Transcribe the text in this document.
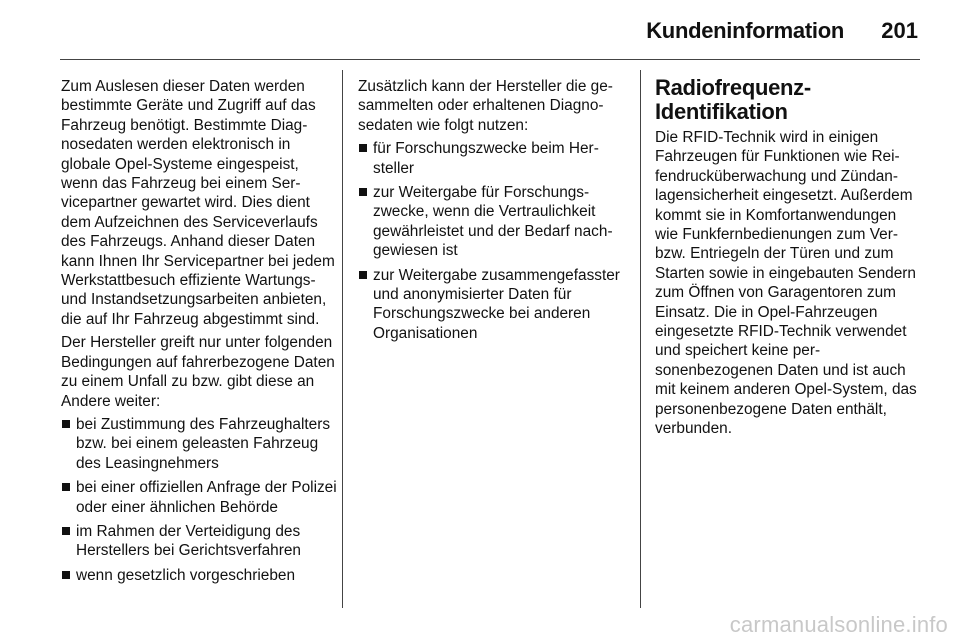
Kundeninformation 201

Zum Auslesen dieser Daten werden bestimmte Geräte und Zugriff auf das Fahrzeug benötigt. Bestimmte Diagnosedaten werden elektronisch in globale Opel-Systeme eingespeist, wenn das Fahrzeug bei einem Servicepartner gewartet wird. Dies dient dem Aufzeichnen des Serviceverlaufs des Fahrzeugs. Anhand dieser Daten kann Ihnen Ihr Servicepartner bei jedem Werkstattbesuch effiziente Wartungs- und Instandsetzungsarbeiten anbieten, die auf Ihr Fahrzeug abgestimmt sind.

Der Hersteller greift nur unter folgenden Bedingungen auf fahrerbezogene Daten zu einem Unfall zu bzw. gibt diese an Andere weiter:

bei Zustimmung des Fahrzeughalters bzw. bei einem geleasten Fahrzeug des Leasingnehmers
bei einer offiziellen Anfrage der Polizei oder einer ähnlichen Behörde
im Rahmen der Verteidigung des Herstellers bei Gerichtsverfahren
wenn gesetzlich vorgeschrieben

Zusätzlich kann der Hersteller die gesammelten oder erhaltenen Diagnosedaten wie folgt nutzen:

für Forschungszwecke beim Hersteller
zur Weitergabe für Forschungszwecke, wenn die Vertraulichkeit gewährleistet und der Bedarf nachgewiesen ist
zur Weitergabe zusammengefasster und anonymisierter Daten für Forschungszwecke bei anderen Organisationen
Radiofrequenz-Identifikation

Die RFID-Technik wird in einigen Fahrzeugen für Funktionen wie Reifendrucküberwachung und Zündanlagensicherheit eingesetzt. Außerdem kommt sie in Komfortanwendungen wie Funkfernbedienungen zum Ver- bzw. Entriegeln der Türen und zum Starten sowie in eingebauten Sendern zum Öffnen von Garagentoren zum Einsatz. Die in Opel-Fahrzeugen eingesetzte RFID-Technik verwendet und speichert keine personenbezogenen Daten und ist auch mit keinem anderen Opel-System, das personenbezogene Daten enthält, verbunden.

carmanualsonline.info
